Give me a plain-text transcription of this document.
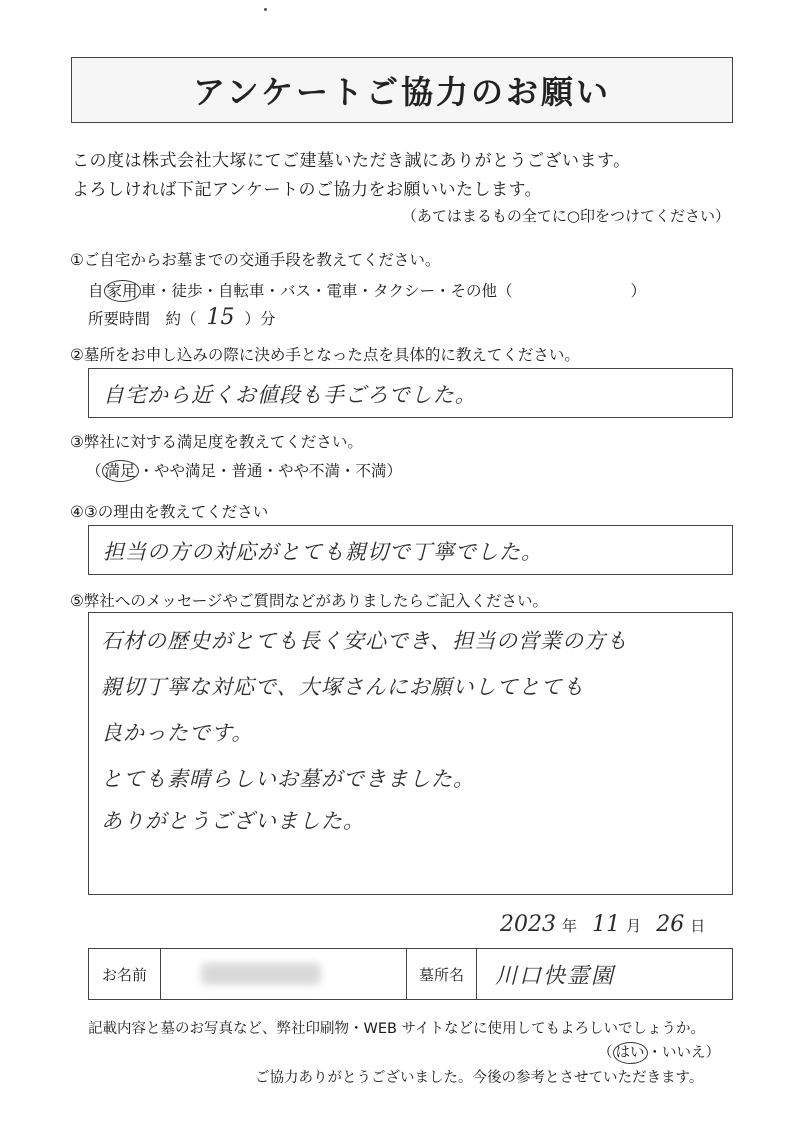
アンケートご協力のお願い
この度は株式会社大塚にてご建墓いただき誠にありがとうございます。
よろしければ下記アンケートのご協力をお願いいたします。
（あてはまるもの全てに○印をつけてください）
①ご自宅からお墓までの交通手段を教えてください。
自 家用 車・徒歩・自転車・バス・電車・タクシー・その他（	）
所要時間　約（ 15 ）分
②墓所をお申し込みの際に決め手となった点を具体的に教えてください。
自宅から近くお値段も手ごろでした。
③弊社に対する満足度を教えてください。
（ 満足 ・やや満足・普通・やや不満・不満）
④③の理由を教えてください
担当の方の対応がとても親切で丁寧でした。
⑤弊社へのメッセージやご質問などがありましたらご記入ください。
石材の歴史がとても長く安心でき、担当の営業の方も
親切丁寧な対応で、大塚さんにお願いしてとても
良かったです。
とても素晴らしいお墓ができました。
ありがとうございました。
2023 年 11 月 26 日
お名前	墓所名	川口快霊園
記載内容と墓のお写真など、弊社印刷物・WEB サイトなどに使用してもよろしいでしょうか。
（ はい ・いいえ）
ご協力ありがとうございました。今後の参考とさせていただきます。
